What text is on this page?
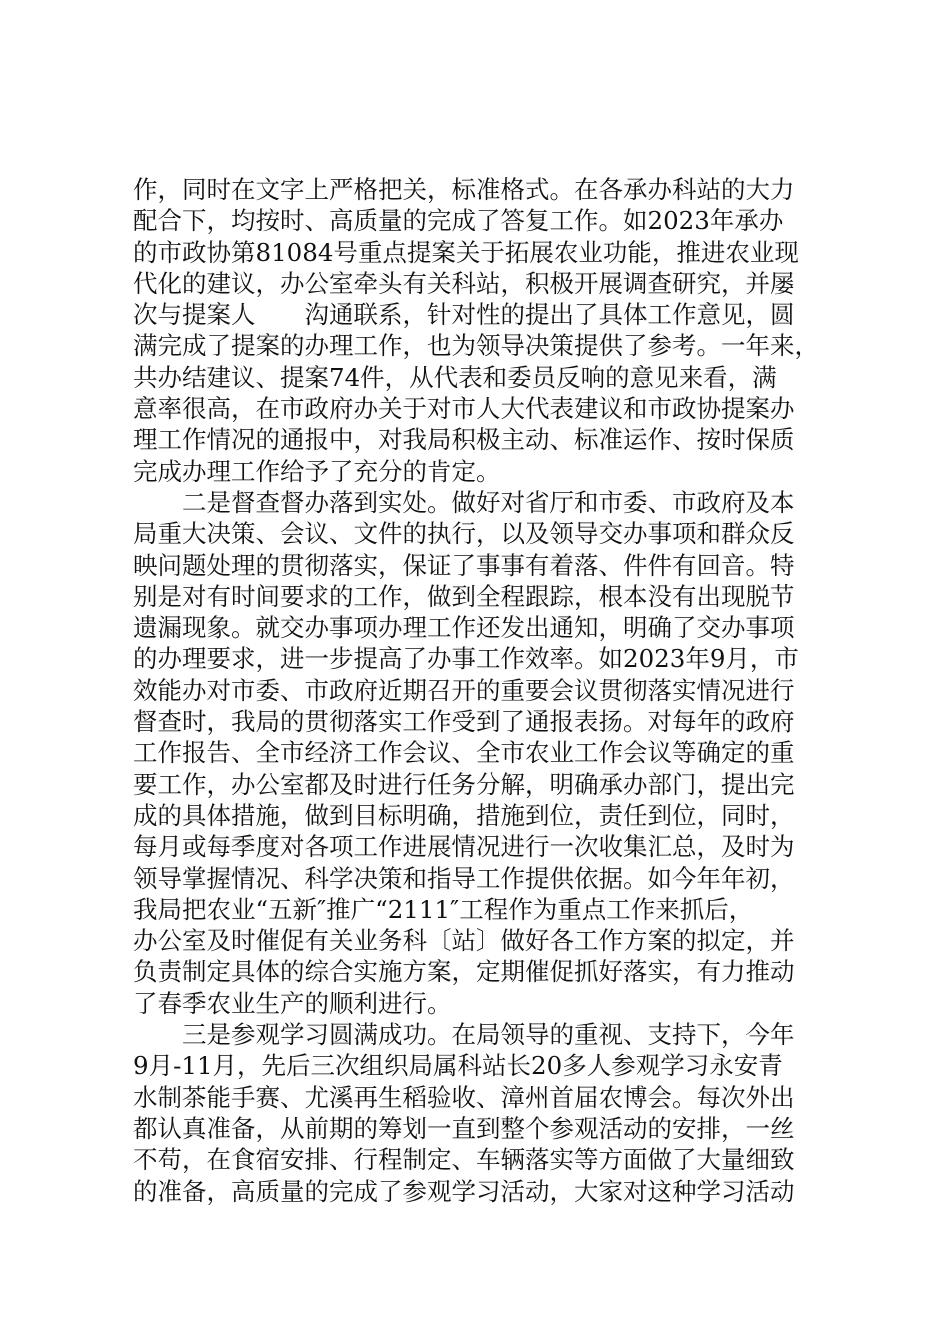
作，同时在文字上严格把关，标准格式。在各承办科站的大力
配合下，均按时、高质量的完成了答复工作。如2023年承办
的市政协第81084号重点提案关于拓展农业功能，推进农业现
代化的建议，办公室牵头有关科站，积极开展调查研究，并屡
次与提案人　　沟通联系，针对性的提出了具体工作意见，圆
满完成了提案的办理工作，也为领导决策提供了参考。一年来，
共办结建议、提案74件，从代表和委员反响的意见来看，满
意率很高，在市政府办关于对市人大代表建议和市政协提案办
理工作情况的通报中，对我局积极主动、标准运作、按时保质
完成办理工作给予了充分的肯定。
　　二是督查督办落到实处。做好对省厅和市委、市政府及本
局重大决策、会议、文件的执行，以及领导交办事项和群众反
映问题处理的贯彻落实，保证了事事有着落、件件有回音。特
别是对有时间要求的工作，做到全程跟踪，根本没有出现脱节
遗漏现象。就交办事项办理工作还发出通知，明确了交办事项
的办理要求，进一步提高了办事工作效率。如2023年9月，市
效能办对市委、市政府近期召开的重要会议贯彻落实情况进行
督查时，我局的贯彻落实工作受到了通报表扬。对每年的政府
工作报告、全市经济工作会议、全市农业工作会议等确定的重
要工作，办公室都及时进行任务分解，明确承办部门，提出完
成的具体措施，做到目标明确，措施到位，责任到位，同时，
每月或每季度对各项工作进展情况进行一次收集汇总，及时为
领导掌握情况、科学决策和指导工作提供依据。如今年年初，
我局把农业“五新″推广“2111″工程作为重点工作来抓后，
办公室及时催促有关业务科〔站〕做好各工作方案的拟定，并
负责制定具体的综合实施方案，定期催促抓好落实，有力推动
了春季农业生产的顺利进行。
　　三是参观学习圆满成功。在局领导的重视、支持下，今年
9月-11月，先后三次组织局属科站长20多人参观学习永安青
水制茶能手赛、尤溪再生稻验收、漳州首届农博会。每次外出
都认真准备，从前期的筹划一直到整个参观活动的安排，一丝
不苟，在食宿安排、行程制定、车辆落实等方面做了大量细致
的准备，高质量的完成了参观学习活动，大家对这种学习活动
